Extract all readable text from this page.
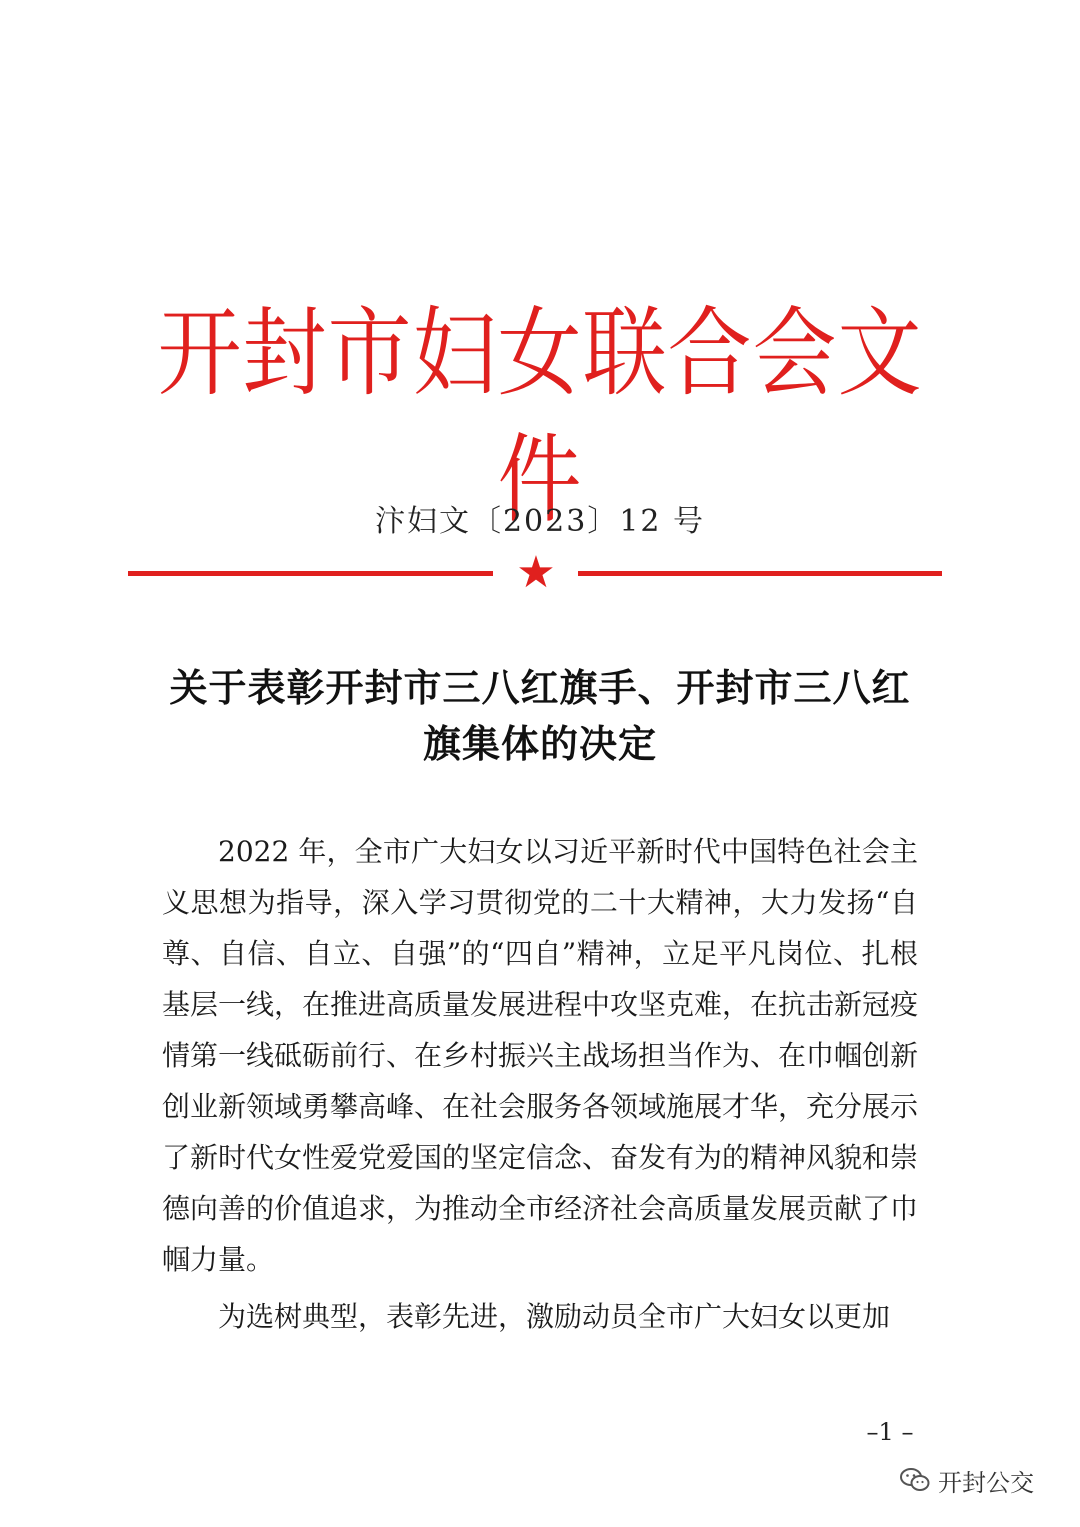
开封市妇女联合会文件
汴妇文〔2023〕12 号
★
关于表彰开封市三八红旗手、开封市三八红
旗集体的决定

2022 年，全市广大妇女以习近平新时代中国特色社会主义思想为指导，深入学习贯彻党的二十大精神，大力发扬“自尊、自信、自立、自强”的“四自”精神，立足平凡岗位、扎根基层一线，在推进高质量发展进程中攻坚克难，在抗击新冠疫情第一线砥砺前行、在乡村振兴主战场担当作为、在巾帼创新创业新领域勇攀高峰、在社会服务各领域施展才华，充分展示了新时代女性爱党爱国的坚定信念、奋发有为的精神风貌和崇德向善的价值追求，为推动全市经济社会高质量发展贡献了巾帼力量。

为选树典型，表彰先进，激励动员全市广大妇女以更加

–1 –
开封公交
